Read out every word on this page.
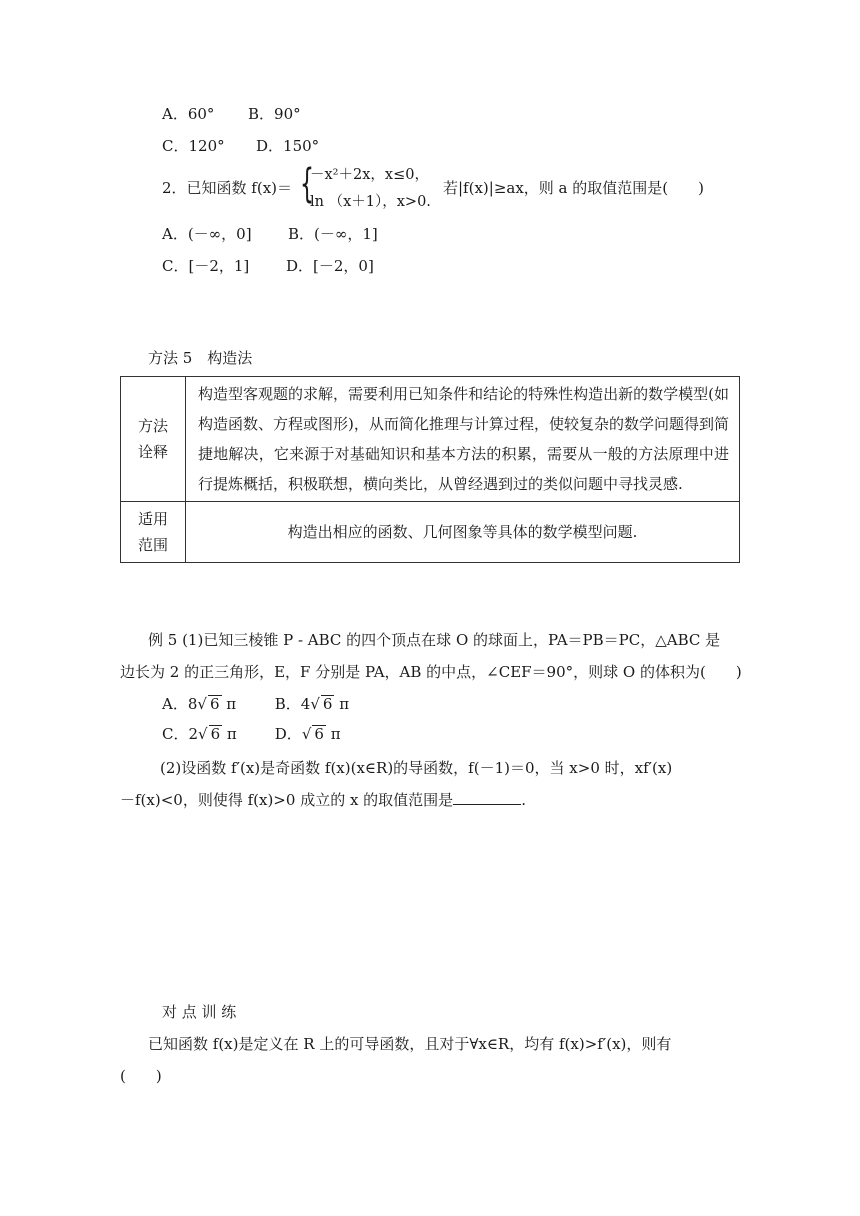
A．60° B．90°
C．120° D．150°
2．已知函数 f(x)＝ {
－x²＋2x，x≤0，
ln （x＋1），x>0.
若|f(x)|≥ax，则 a 的取值范围是(　　)
A．(－∞，0] B．(－∞，1]
C．[－2，1] D．[－2，0]
方法 5　构造法
方法
诠释	构造型客观题的求解，需要利用已知条件和结论的特殊性构造出新的数学模型(如构造函数、方程或图形)，从而简化推理与计算过程，使较复杂的数学问题得到简捷地解决，它来源于对基础知识和基本方法的积累，需要从一般的方法原理中进行提炼概括，积极联想，横向类比，从曾经遇到过的类似问题中寻找灵感.

适用
范围	构造出相应的函数、几何图象等具体的数学模型问题.
例 5 (1)已知三棱锥 P - ABC 的四个顶点在球 O 的球面上，PA＝PB＝PC，△ABC 是
边长为 2 的正三角形，E，F 分别是 PA，AB 的中点，∠CEF＝90°，则球 O 的体积为(　　)
A．8√ 6 π	B．4√ 6 π
C．2√ 6 π	D．√ 6 π
(2)设函数 f′(x)是奇函数 f(x)(x∈R)的导函数，f(－1)＝0，当 x>0 时，xf′(x)
－f(x)<0，则使得 f(x)>0 成立的 x 的取值范围是	.
对 点 训 练
已知函数 f(x)是定义在 R 上的可导函数，且对于∀x∈R，均有 f(x)>f′(x)，则有
(　　)
